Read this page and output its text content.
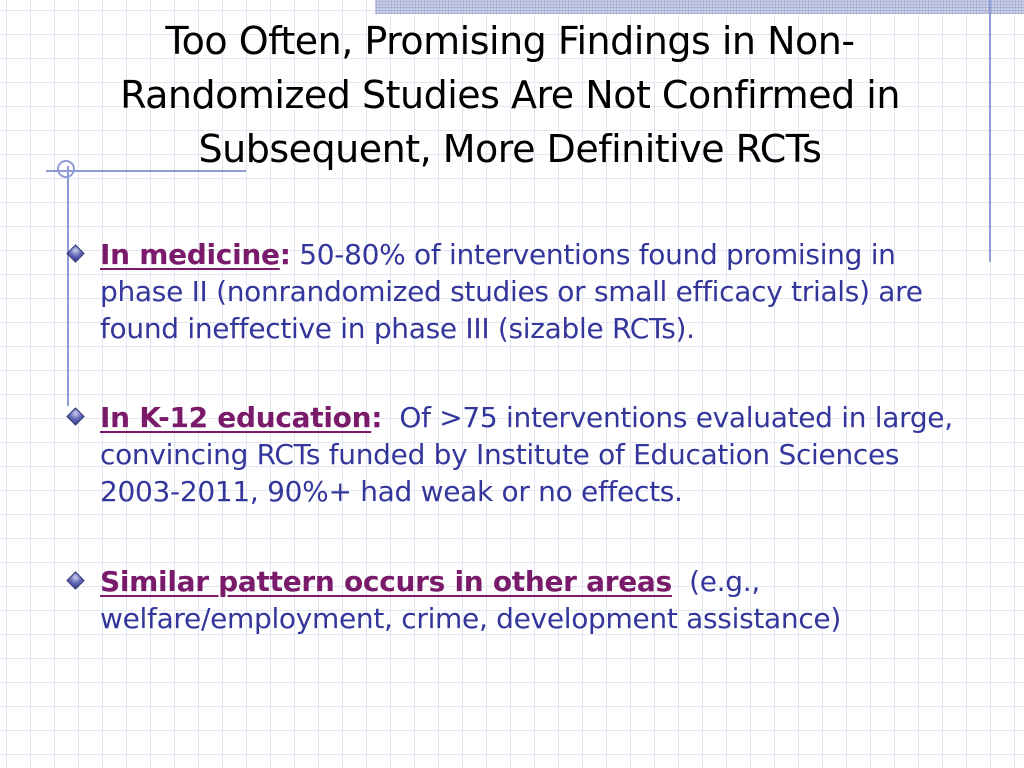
Too Often, Promising Findings in Non-
Randomized Studies Are Not Confirmed in
Subsequent, More Definitive RCTs
In medicine: 50-80% of interventions found promising in phase II (nonrandomized studies or small efficacy trials) are found ineffective in phase III (sizable RCTs).
In K-12 education:  Of >75 interventions evaluated in large, convincing RCTs funded by Institute of Education Sciences 2003-2011, 90%+ had weak or no effects.
Similar pattern occurs in other areas  (e.g., welfare/employment, crime, development assistance)
